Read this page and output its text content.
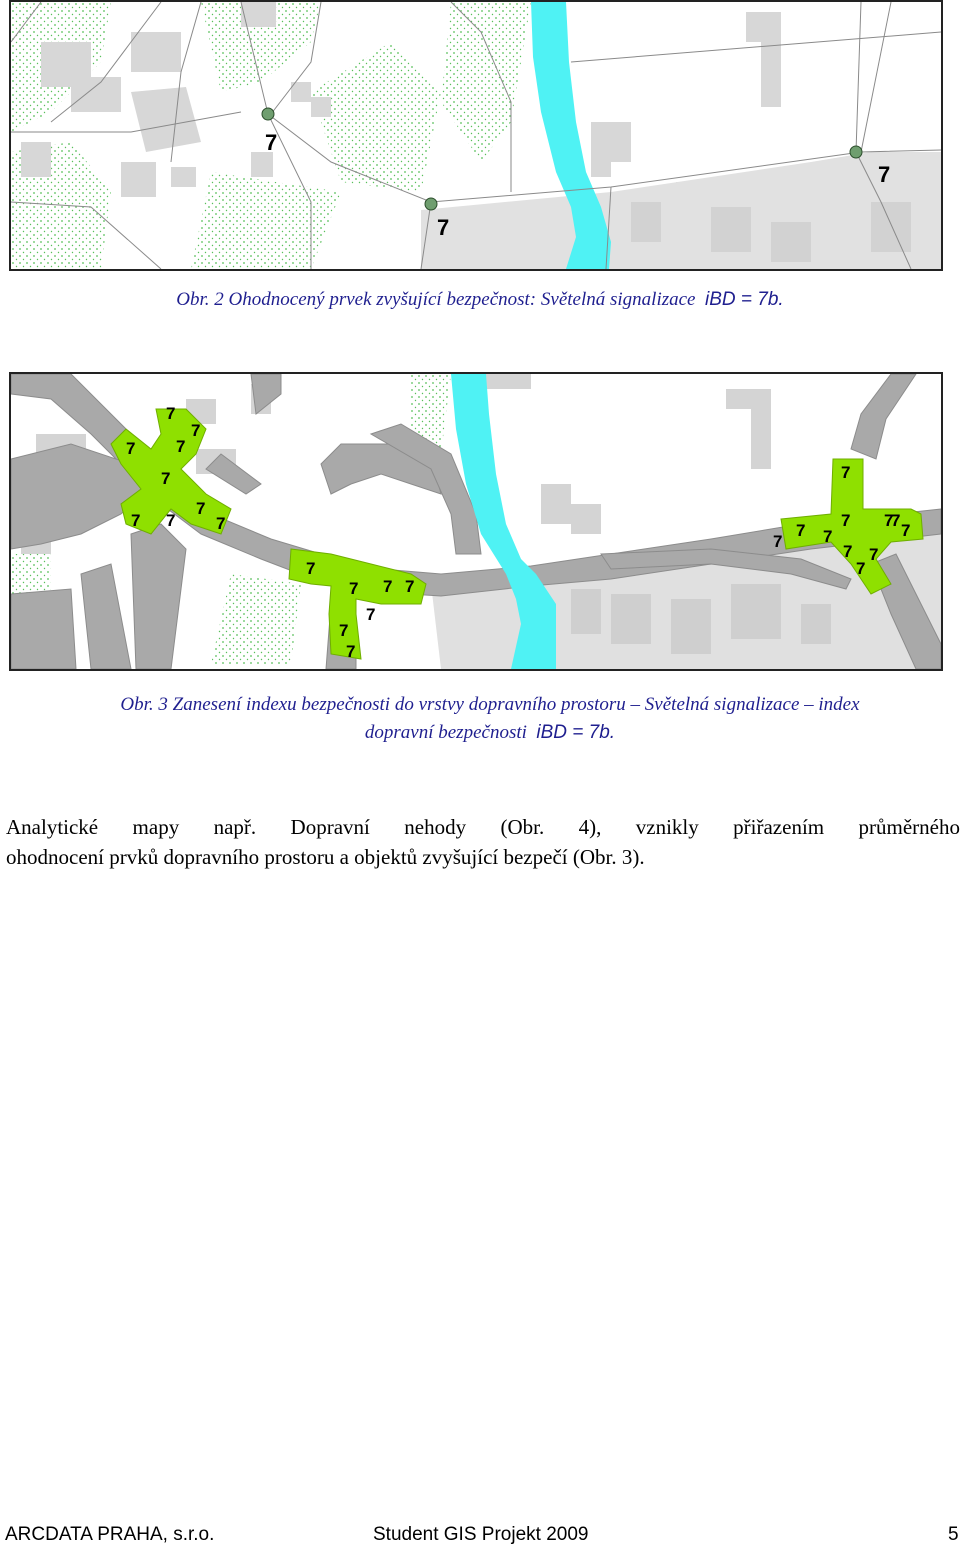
7
7
7
Obr. 2 Ohodnocený prvek zvyšující bezpečnost: Světelná signalizace iBD = 7b.
7
7
7 7
7
7
7 7 7
7
7 7 7
7
7
7
7
7
7 7
7 7
7
7
7 7
7
Obr. 3 Zanesení indexu bezpečnosti do vrstvy dopravního prostoru – Světelná signalizace – index
dopravní bezpečnosti iBD = 7b.
Analytické mapy např. Dopravní nehody (Obr. 4), vznikly přiřazením průměrného
ohodnocení prvků dopravního prostoru a objektů zvyšující bezpečí (Obr. 3).
ARCDATA PRAHA, s.r.o.	Student GIS Projekt 2009	5
